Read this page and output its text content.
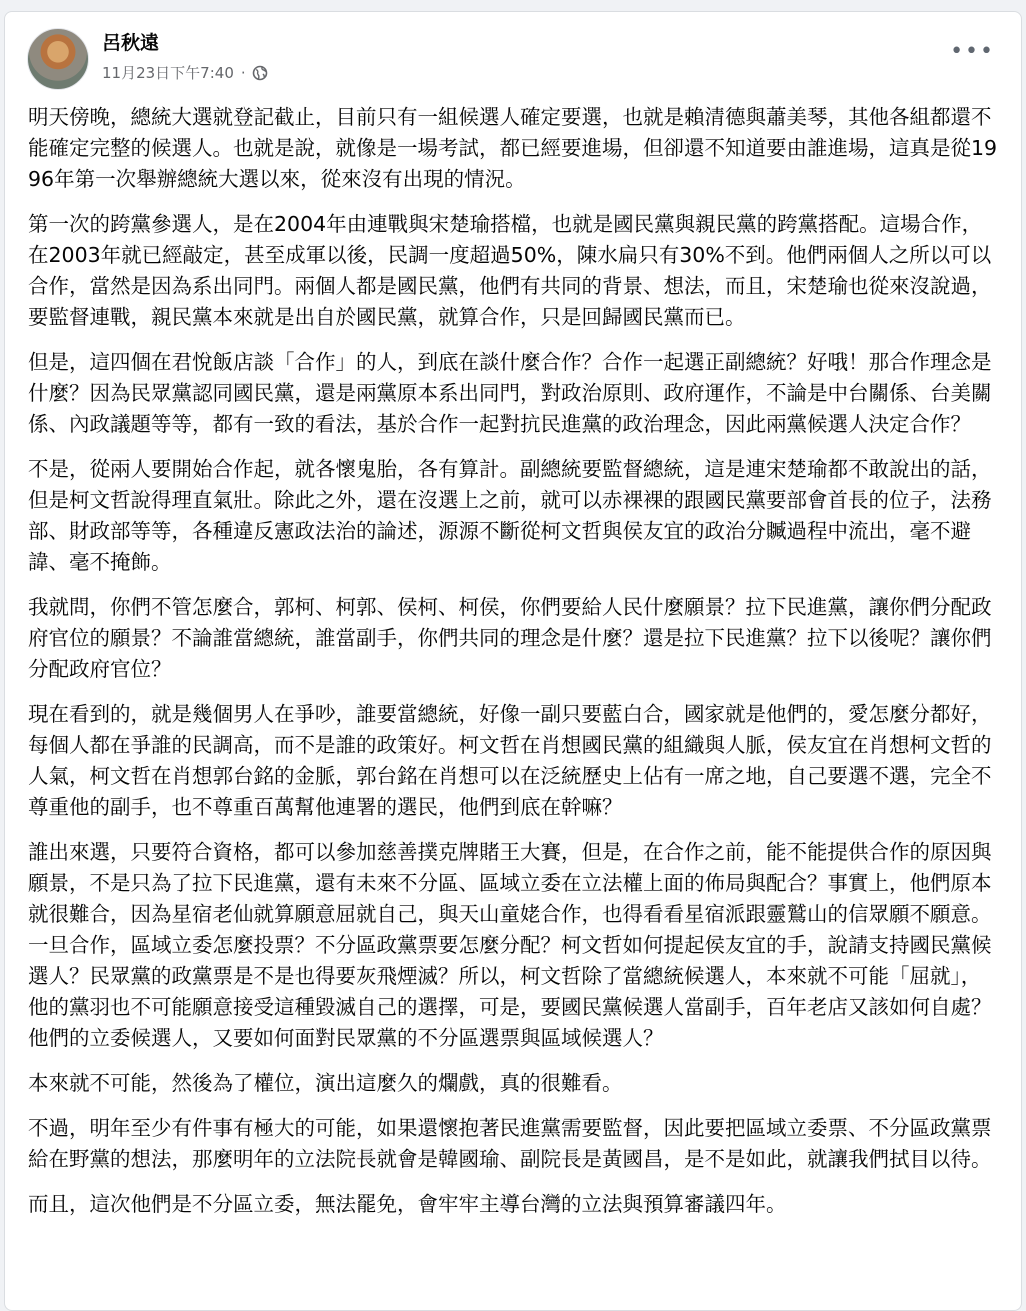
呂秋遠
11月23日下午7:40 ·
•••

明天傍晚，總統大選就登記截止，目前只有一組候選人確定要選，也就是賴清德與蕭美琴，其他各組都還不能確定完整的候選人。也就是說，就像是一場考試，都已經要進場，但卻還不知道要由誰進場，這真是從1996年第一次舉辦總統大選以來，從來沒有出現的情況。

第一次的跨黨參選人，是在2004年由連戰與宋楚瑜搭檔，也就是國民黨與親民黨的跨黨搭配。這場合作，在2003年就已經敲定，甚至成軍以後，民調一度超過50%，陳水扁只有30%不到。他們兩個人之所以可以合作，當然是因為系出同門。兩個人都是國民黨，他們有共同的背景、想法，而且，宋楚瑜也從來沒說過，要監督連戰，親民黨本來就是出自於國民黨，就算合作，只是回歸國民黨而已。

但是，這四個在君悅飯店談「合作」的人，到底在談什麼合作？合作一起選正副總統？好哦！那合作理念是什麼？因為民眾黨認同國民黨，還是兩黨原本系出同門，對政治原則、政府運作，不論是中台關係、台美關係、內政議題等等，都有一致的看法，基於合作一起對抗民進黨的政治理念，因此兩黨候選人決定合作？

不是，從兩人要開始合作起，就各懷鬼胎，各有算計。副總統要監督總統，這是連宋楚瑜都不敢說出的話，但是柯文哲說得理直氣壯。除此之外，還在沒選上之前，就可以赤裸裸的跟國民黨要部會首長的位子，法務部、財政部等等，各種違反憲政法治的論述，源源不斷從柯文哲與侯友宜的政治分贓過程中流出，毫不避諱、毫不掩飾。

我就問，你們不管怎麼合，郭柯、柯郭、侯柯、柯侯，你們要給人民什麼願景？拉下民進黨，讓你們分配政府官位的願景？不論誰當總統，誰當副手，你們共同的理念是什麼？還是拉下民進黨？拉下以後呢？讓你們分配政府官位？

現在看到的，就是幾個男人在爭吵，誰要當總統，好像一副只要藍白合，國家就是他們的，愛怎麼分都好，每個人都在爭誰的民調高，而不是誰的政策好。柯文哲在肖想國民黨的組織與人脈，侯友宜在肖想柯文哲的人氣，柯文哲在肖想郭台銘的金脈，郭台銘在肖想可以在泛統歷史上佔有一席之地，自己要選不選，完全不尊重他的副手，也不尊重百萬幫他連署的選民，他們到底在幹嘛？

誰出來選，只要符合資格，都可以參加慈善撲克牌賭王大賽，但是，在合作之前，能不能提供合作的原因與願景，不是只為了拉下民進黨，還有未來不分區、區域立委在立法權上面的佈局與配合？事實上，他們原本就很難合，因為星宿老仙就算願意屈就自己，與天山童姥合作，也得看看星宿派跟靈鷲山的信眾願不願意。一旦合作，區域立委怎麼投票？不分區政黨票要怎麼分配？柯文哲如何提起侯友宜的手，說請支持國民黨候選人？民眾黨的政黨票是不是也得要灰飛煙滅？所以，柯文哲除了當總統候選人，本來就不可能「屈就」，他的黨羽也不可能願意接受這種毀滅自己的選擇，可是，要國民黨候選人當副手，百年老店又該如何自處？他們的立委候選人，又要如何面對民眾黨的不分區選票與區域候選人？

本來就不可能，然後為了權位，演出這麼久的爛戲，真的很難看。

不過，明年至少有件事有極大的可能，如果還懷抱著民進黨需要監督，因此要把區域立委票、不分區政黨票給在野黨的想法，那麼明年的立法院長就會是韓國瑜、副院長是黃國昌，是不是如此，就讓我們拭目以待。

而且，這次他們是不分區立委，無法罷免，會牢牢主導台灣的立法與預算審議四年。
